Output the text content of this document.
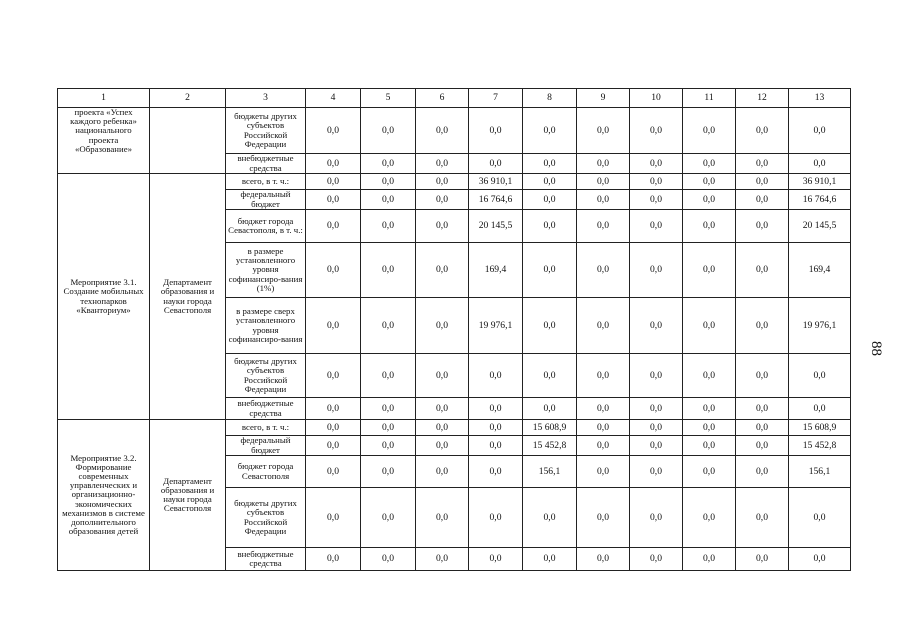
1	2	3	4	5	6	7	8	9	10	11	12	13
проекта «Успех каждого ребенка» национального проекта «Образование»		бюджеты других субъектов Российской Федерации	0,0	0,0	0,0	0,0	0,0	0,0	0,0	0,0	0,0	0,0
		внебюджетные средства	0,0	0,0	0,0	0,0	0,0	0,0	0,0	0,0	0,0	0,0
Мероприятие 3.1. Создание мобильных технопарков «Кванториум»	Департамент образования и науки города Севастополя	всего, в т. ч.:	0,0	0,0	0,0	36 910,1	0,0	0,0	0,0	0,0	0,0	36 910,1
		федеральный бюджет	0,0	0,0	0,0	16 764,6	0,0	0,0	0,0	0,0	0,0	16 764,6
		бюджет города Севастополя, в т. ч.:	0,0	0,0	0,0	20 145,5	0,0	0,0	0,0	0,0	0,0	20 145,5
		в размере установленного уровня софинансиро-вания (1%)	0,0	0,0	0,0	169,4	0,0	0,0	0,0	0,0	0,0	169,4
		в размере сверх установленного уровня софинансиро-вания	0,0	0,0	0,0	19 976,1	0,0	0,0	0,0	0,0	0,0	19 976,1
		бюджеты других субъектов Российской Федерации	0,0	0,0	0,0	0,0	0,0	0,0	0,0	0,0	0,0	0,0
		внебюджетные средства	0,0	0,0	0,0	0,0	0,0	0,0	0,0	0,0	0,0	0,0
Мероприятие 3.2. Формирование современных управленческих и организационно-экономических механизмов в системе дополнительного образования детей	Департамент образования и науки города Севастополя	всего, в т. ч.:	0,0	0,0	0,0	0,0	15 608,9	0,0	0,0	0,0	0,0	15 608,9
		федеральный бюджет	0,0	0,0	0,0	0,0	15 452,8	0,0	0,0	0,0	0,0	15 452,8
		бюджет города Севастополя	0,0	0,0	0,0	0,0	156,1	0,0	0,0	0,0	0,0	156,1
		бюджеты других субъектов Российской Федерации	0,0	0,0	0,0	0,0	0,0	0,0	0,0	0,0	0,0	0,0
		внебюджетные средства	0,0	0,0	0,0	0,0	0,0	0,0	0,0	0,0	0,0	0,0
88
